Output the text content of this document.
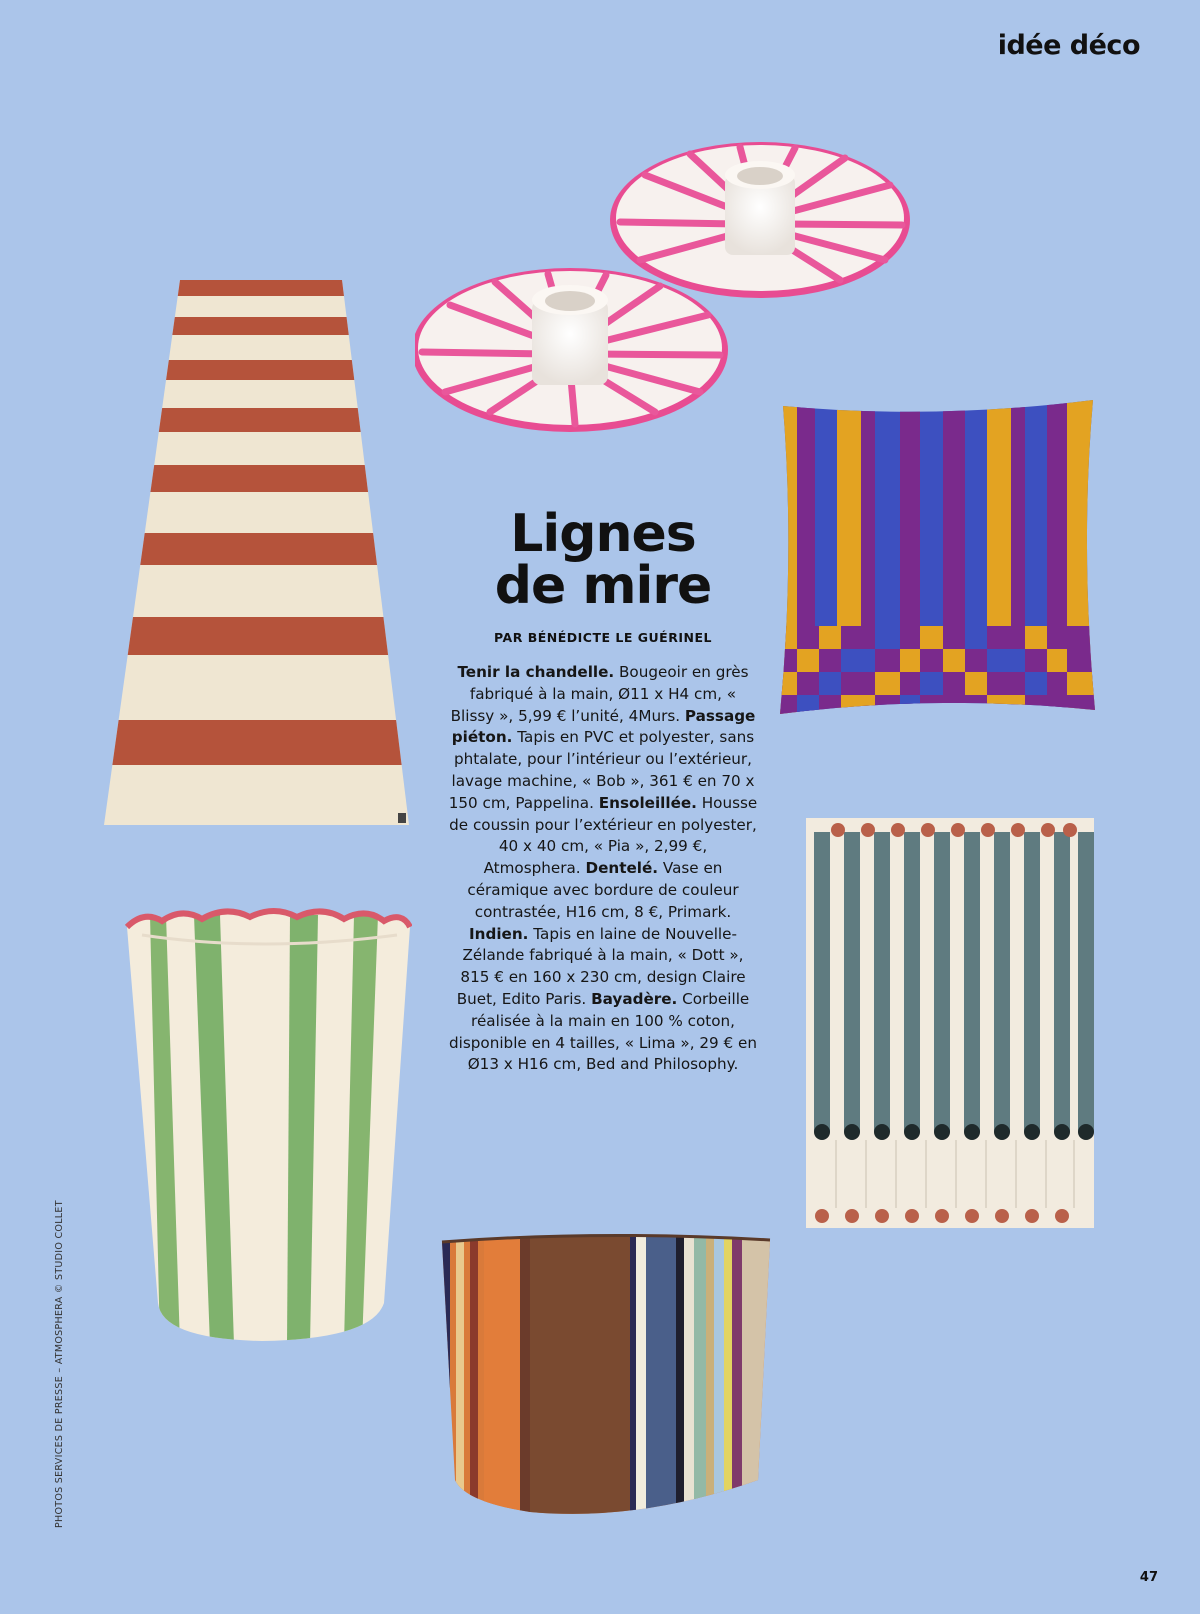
idée déco
Lignes
de mire
PAR BÉNÉDICTE LE GUÉRINEL
Tenir la chandelle. Bougeoir en grès fabriqué à la main, Ø11 x H4 cm, « Blissy », 5,99 € l’unité, 4Murs. Passage piéton. Tapis en PVC et polyester, sans phtalate, pour l’intérieur ou l’extérieur, lavage machine, « Bob », 361 € en 70 x 150 cm, Pappelina. Ensoleillée. Housse de coussin pour l’extérieur en polyester, 40 x 40 cm, « Pia », 2,99 €, Atmosphera. Dentelé. Vase en céramique avec bordure de couleur contrastée, H16 cm, 8 €, Primark. Indien. Tapis en laine de Nouvelle-Zélande fabriqué à la main, « Dott », 815 € en 160 x 230 cm, design Claire Buet, Edito Paris. Bayadère. Corbeille réalisée à la main en 100 % coton, disponible en 4 tailles, « Lima », 29 € en Ø13 x H16 cm, Bed and Philosophy.
PHOTOS SERVICES DE PRESSE – ATMOSPHERA © STUDIO COLLET
47
